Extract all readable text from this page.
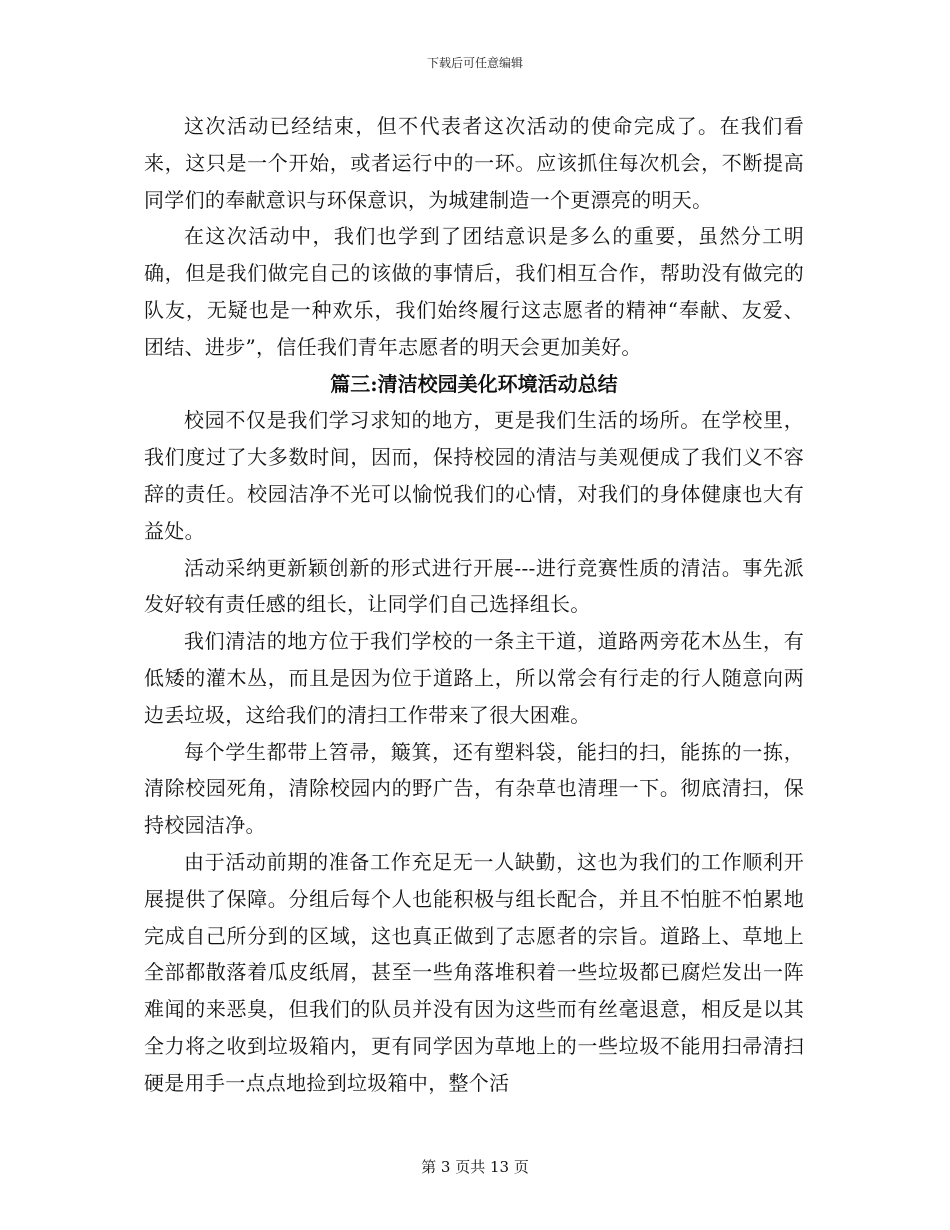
下载后可任意编辑

这次活动已经结束，但不代表者这次活动的使命完成了。在我们看来，这只是一个开始，或者运行中的一环。应该抓住每次机会，不断提高同学们的奉献意识与环保意识，为城建制造一个更漂亮的明天。

在这次活动中，我们也学到了团结意识是多么的重要，虽然分工明确，但是我们做完自己的该做的事情后，我们相互合作，帮助没有做完的队友，无疑也是一种欢乐，我们始终履行这志愿者的精神“奉献、友爱、团结、进步”，信任我们青年志愿者的明天会更加美好。

篇三:清洁校园美化环境活动总结

校园不仅是我们学习求知的地方，更是我们生活的场所。在学校里，我们度过了大多数时间，因而，保持校园的清洁与美观便成了我们义不容辞的责任。校园洁净不光可以愉悦我们的心情，对我们的身体健康也大有益处。

活动采纳更新颖创新的形式进行开展---进行竞赛性质的清洁。事先派发好较有责任感的组长，让同学们自己选择组长。

我们清洁的地方位于我们学校的一条主干道，道路两旁花木丛生，有低矮的灌木丛，而且是因为位于道路上，所以常会有行走的行人随意向两边丢垃圾，这给我们的清扫工作带来了很大困难。

每个学生都带上笤帚，簸箕，还有塑料袋，能扫的扫，能拣的一拣，清除校园死角，清除校园内的野广告，有杂草也清理一下。彻底清扫，保持校园洁净。

由于活动前期的准备工作充足无一人缺勤，这也为我们的工作顺利开展提供了保障。分组后每个人也能积极与组长配合，并且不怕脏不怕累地完成自己所分到的区域，这也真正做到了志愿者的宗旨。道路上、草地上全部都散落着瓜皮纸屑，甚至一些角落堆积着一些垃圾都已腐烂发出一阵难闻的来恶臭，但我们的队员并没有因为这些而有丝毫退意，相反是以其全力将之收到垃圾箱内，更有同学因为草地上的一些垃圾不能用扫帚清扫硬是用手一点点地捡到垃圾箱中，整个活

第 3 页共 13 页
